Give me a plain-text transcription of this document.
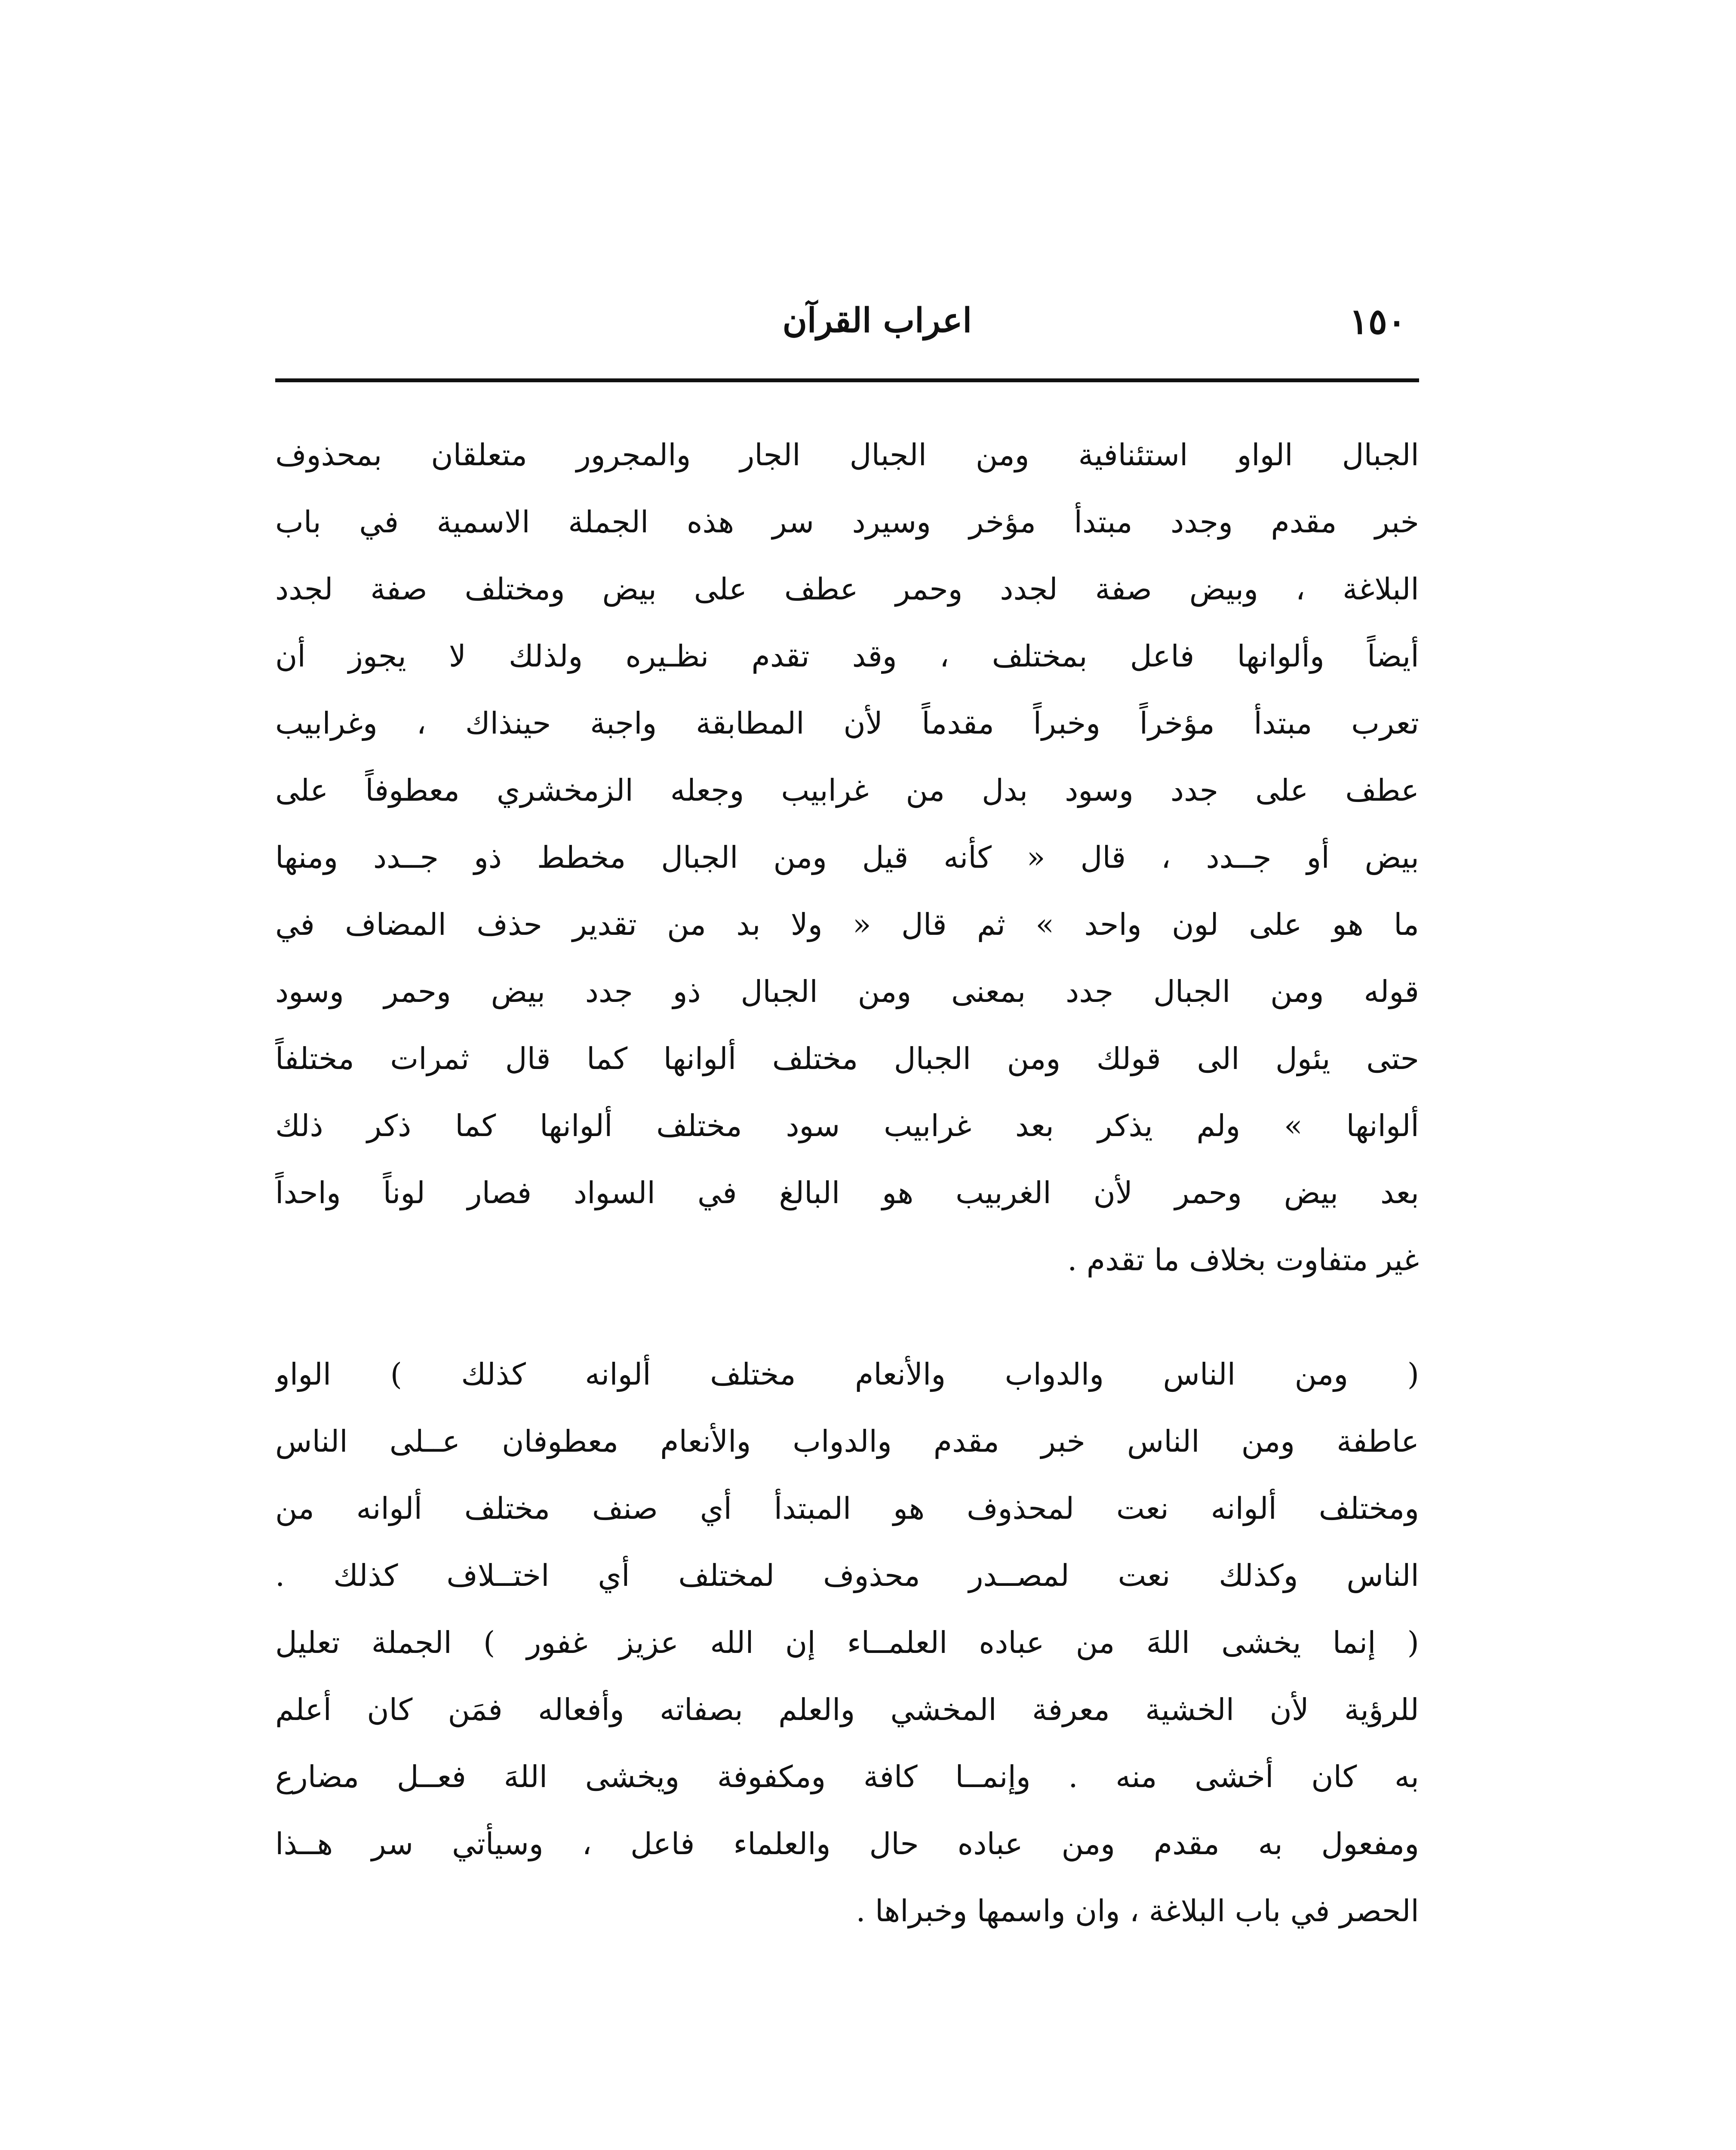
١٥٠
اعراب القرآن
الجبال الواو استئنافية ومن الجبال الجار والمجرور متعلقان بمحذوف
خبر مقدم وجدد مبتدأ مؤخر وسيرد سر هذه الجملة الاسمية في باب
البلاغة ، وبيض صفة لجدد وحمر عطف على بيض ومختلف صفة لجدد
أيضاً وألوانها فاعل بمختلف ، وقد تقدم نظـيره ولذلك لا يجوز أن
تعرب مبتدأ مؤخراً وخبراً مقدماً لأن المطابقة واجبة حينذاك ، وغرابيب
عطف على جدد وسود بدل من غرابيب وجعله الزمخشري معطوفاً على
بيض أو جــدد ، قال « كأنه قيل ومن الجبال مخطط ذو جــدد ومنها
ما هو على لون واحد » ثم قال « ولا بد من تقدير حذف المضاف في
قوله ومن الجبال جدد بمعنى ومن الجبال ذو جدد بيض وحمر وسود
حتى يئول الى قولك ومن الجبال مختلف ألوانها كما قال ثمرات مختلفاً
ألوانها » ولم يذكر بعد غرابيب سود مختلف ألوانها كما ذكر ذلك
بعد بيض وحمر لأن الغربيب هو البالغ في السواد فصار لوناً واحداً
غير متفاوت بخلاف ما تقدم .
( ومن الناس والدواب والأنعام مختلف ألوانه كذلك ) الواو
عاطفة ومن الناس خبر مقدم والدواب والأنعام معطوفان عــلى الناس
ومختلف ألوانه نعت لمحذوف هو المبتدأ أي صنف مختلف ألوانه من
الناس وكذلك نعت لمصــدر محذوف لمختلف أي اختــلاف كذلك .
( إنما يخشى اللهَ من عباده العلمــاء إن الله عزيز غفور ) الجملة تعليل
للرؤية لأن الخشية معرفة المخشي والعلم بصفاته وأفعاله فمَن كان أعلم
به كان أخشى منه . وإنمــا كافة ومكفوفة ويخشى اللهَ فعــل مضارع
ومفعول به مقدم ومن عباده حال والعلماء فاعل ، وسيأتي سر هــذا
الحصر في باب البلاغة ، وان واسمها وخبراها .
